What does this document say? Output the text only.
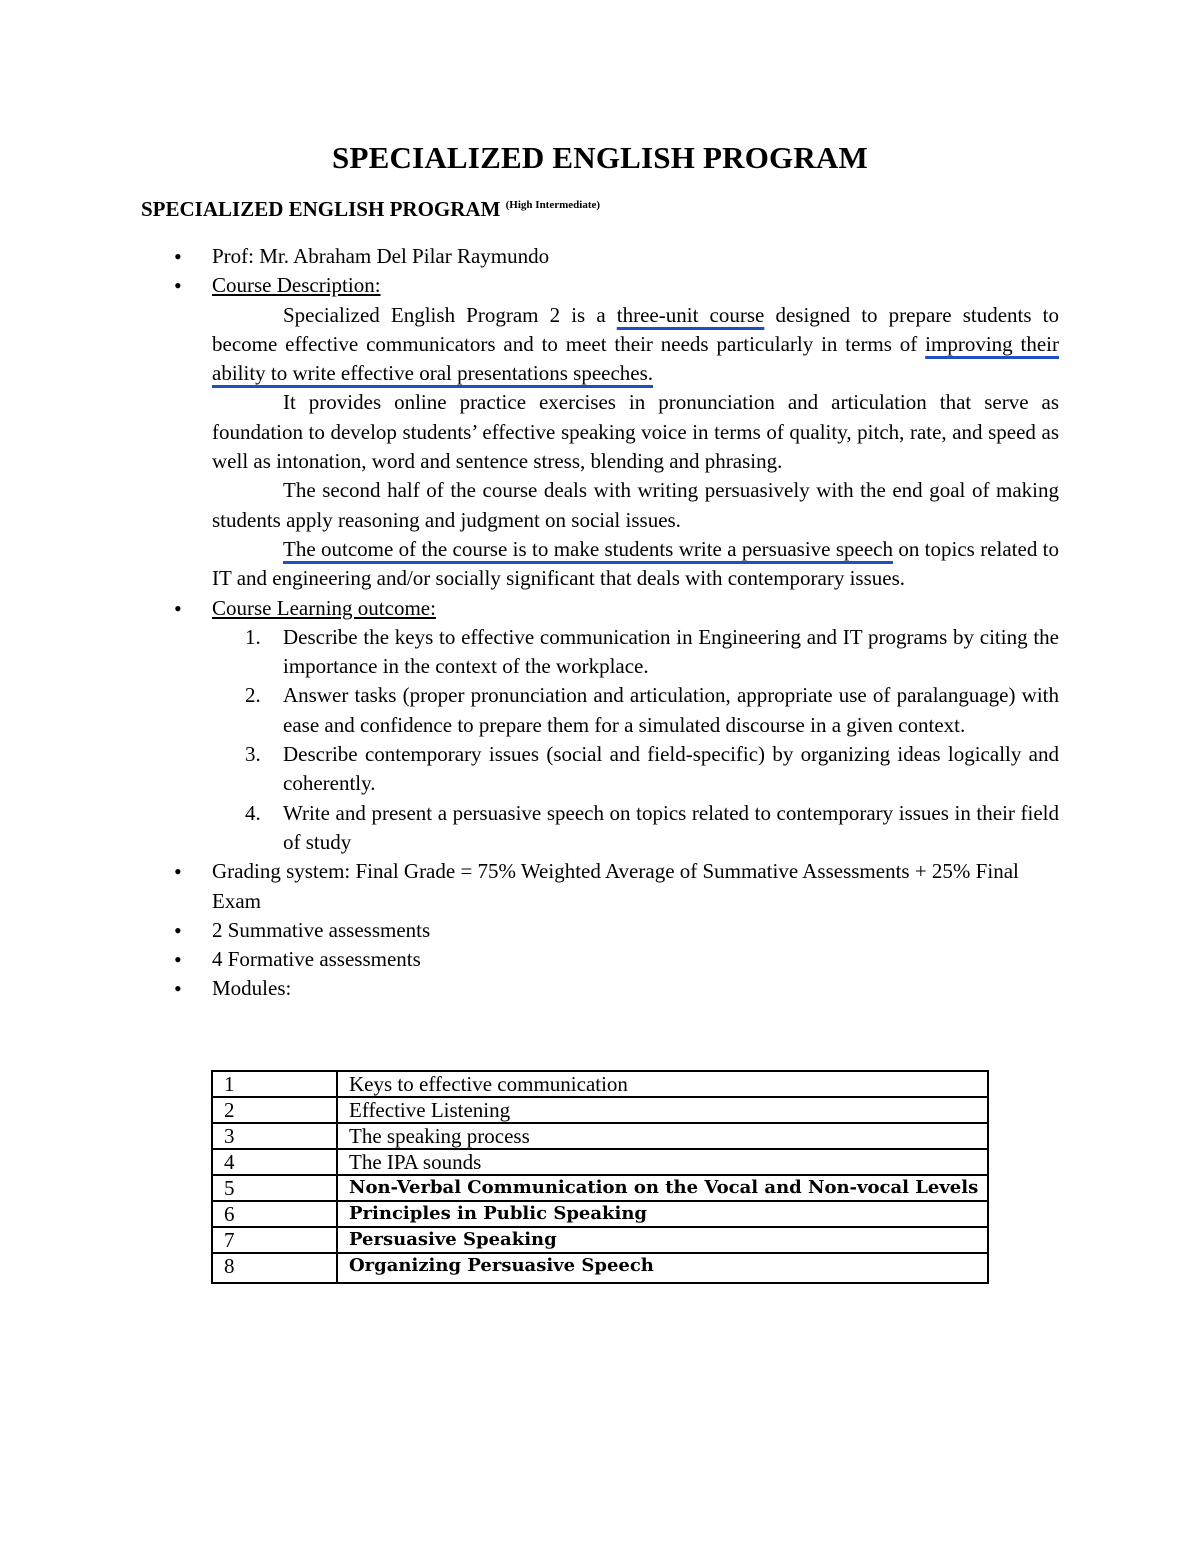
SPECIALIZED ENGLISH PROGRAM
SPECIALIZED ENGLISH PROGRAM $^{(High Intermediate)}$
• Prof: Mr. Abraham Del Pilar Raymundo
• Course Description:
Specialized English Program 2 is a three-unit course designed to prepare students to become effective communicators and to meet their needs particularly in terms of improving their ability to write effective oral presentations speeches.
It provides online practice exercises in pronunciation and articulation that serve as foundation to develop students’ effective speaking voice in terms of quality, pitch, rate, and speed as well as intonation, word and sentence stress, blending and phrasing.
The second half of the course deals with writing persuasively with the end goal of making students apply reasoning and judgment on social issues.
The outcome of the course is to make students write a persuasive speech on topics related to IT and engineering and/or socially significant that deals with contemporary issues.
• Course Learning outcome:
1. Describe the keys to effective communication in Engineering and IT programs by citing the importance in the context of the workplace.
2. Answer tasks (proper pronunciation and articulation, appropriate use of paralanguage) with ease and confidence to prepare them for a simulated discourse in a given context.
3. Describe contemporary issues (social and field-specific) by organizing ideas logically and coherently.
4. Write and present a persuasive speech on topics related to contemporary issues in their field of study
• Grading system: Final Grade = 75% Weighted Average of Summative Assessments + 25% Final Exam
• 2 Summative assessments
• 4 Formative assessments
• Modules:
1	Keys to effective communication
2	Effective Listening
3	The speaking process
4	The IPA sounds
5	Non-Verbal Communication on the Vocal and Non-vocal Levels
6	Principles in Public Speaking
7	Persuasive Speaking
8	Organizing Persuasive Speech
